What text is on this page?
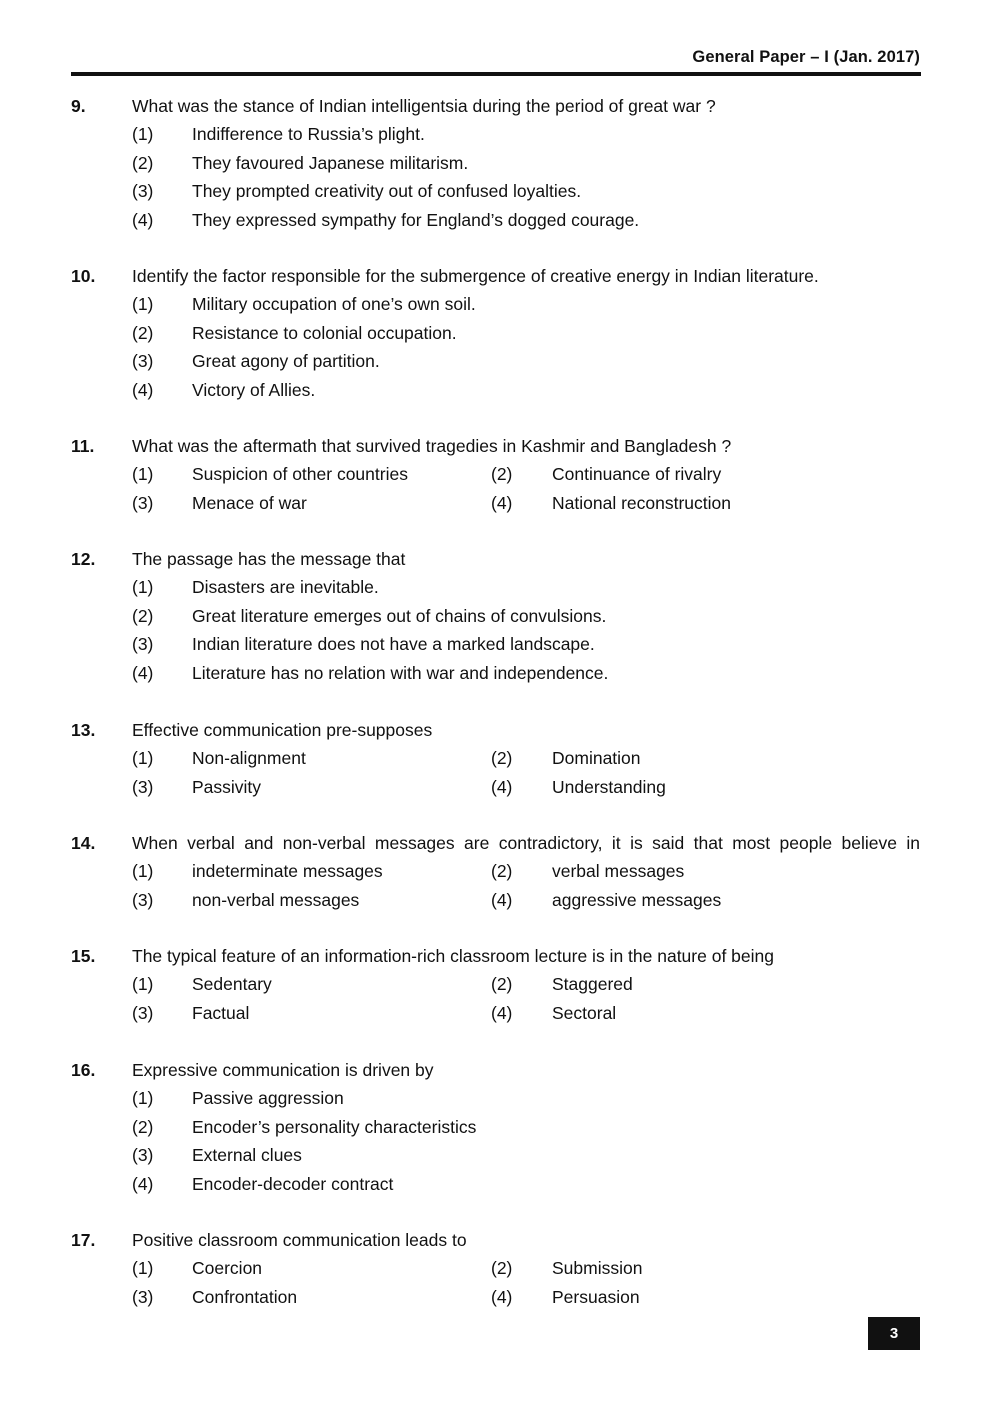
General Paper – I (Jan. 2017)
9.	What was the stance of Indian intelligentsia during the period of great war ?
(1) Indifference to Russia’s plight.
(2) They favoured Japanese militarism.
(3) They prompted creativity out of confused loyalties.
(4) They expressed sympathy for England’s dogged courage.
10. Identify the factor responsible for the submergence of creative energy in Indian literature.
(1) Military occupation of one’s own soil.
(2) Resistance to colonial occupation.
(3) Great agony of partition.
(4) Victory of Allies.
11. What was the aftermath that survived tragedies in Kashmir and Bangladesh ?
(1) Suspicion of other countries	(2) Continuance of rivalry
(3) Menace of war	(4) National reconstruction
12. The passage has the message that
(1) Disasters are inevitable.
(2) Great literature emerges out of chains of convulsions.
(3) Indian literature does not have a marked landscape.
(4) Literature has no relation with war and independence.
13. Effective communication pre-supposes
(1) Non-alignment	(2) Domination
(3) Passivity	(4) Understanding
14. When verbal and non-verbal messages are contradictory, it is said that most people believe in
(1) indeterminate messages	(2) verbal messages
(3) non-verbal messages	(4) aggressive messages
15. The typical feature of an information-rich classroom lecture is in the nature of being
(1) Sedentary	(2) Staggered
(3) Factual	(4) Sectoral
16. Expressive communication is driven by
(1) Passive aggression
(2) Encoder’s personality characteristics
(3) External clues
(4) Encoder-decoder contract
17. Positive classroom communication leads to
(1) Coercion	(2) Submission
(3) Confrontation	(4) Persuasion
3
